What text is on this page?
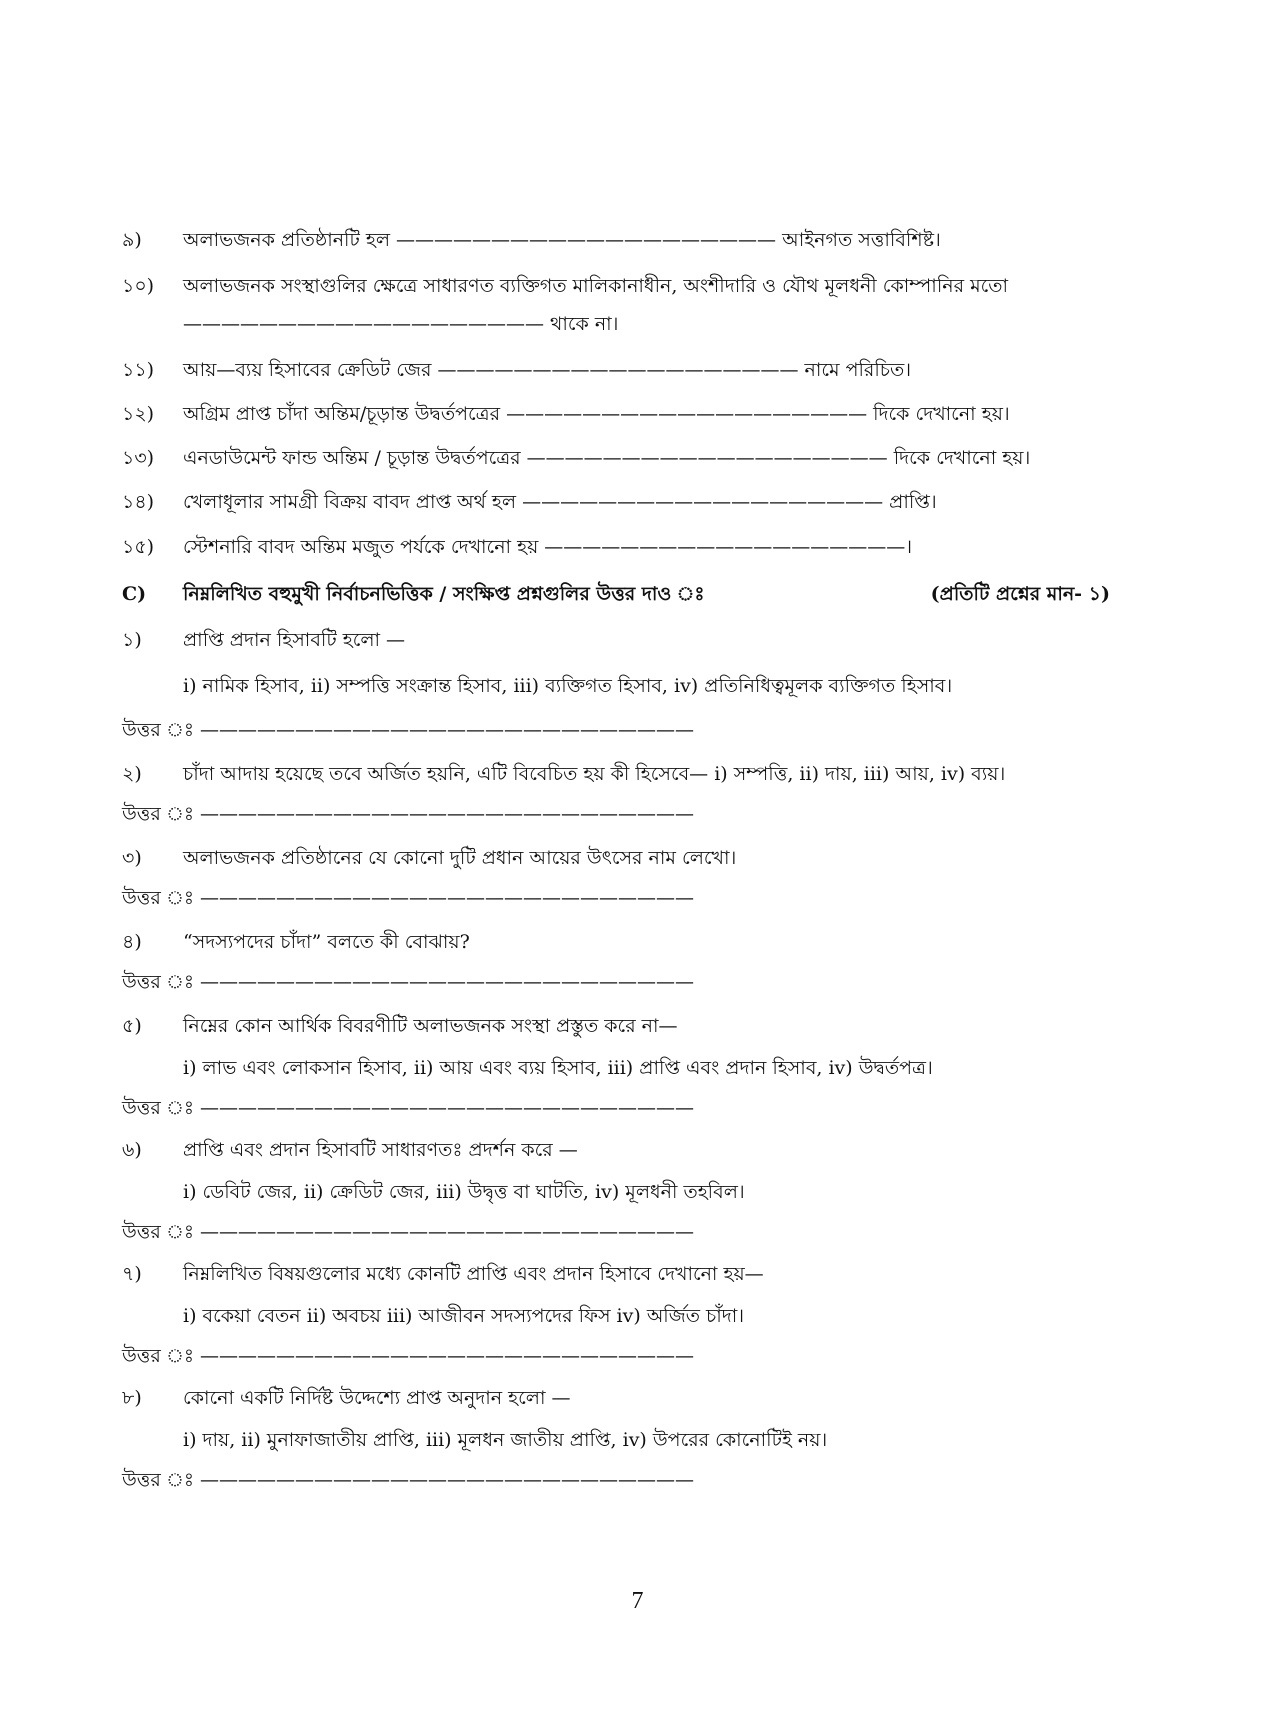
৯) অলাভজনক প্রতিষ্ঠানটি হল ———————————————————— আইনগত সত্তাবিশিষ্ট।
১০) অলাভজনক সংস্থাগুলির ক্ষেত্রে সাধারণত ব্যক্তিগত মালিকানাধীন, অংশীদারি ও যৌথ মূলধনী কোম্পানির মতো
——————————————————— থাকে না।
১১) আয়—ব্যয় হিসাবের ক্রেডিট জের ——————————————————— নামে পরিচিত।
১২) অগ্রিম প্রাপ্ত চাঁদা অন্তিম/চূড়ান্ত উদ্বর্তপত্রের ——————————————————— দিকে দেখানো হয়।
১৩) এনডাউমেন্ট ফান্ড অন্তিম / চূড়ান্ত উদ্বর্তপত্রের ——————————————————— দিকে দেখানো হয়।
১৪) খেলাধূলার সামগ্রী বিক্রয় বাবদ প্রাপ্ত অর্থ হল ——————————————————— প্রাপ্তি।
১৫) স্টেশনারি বাবদ অন্তিম মজুত পর্যকে দেখানো হয় ———————————————————।
C) নিম্নলিখিত বহুমুখী নির্বাচনভিত্তিক / সংক্ষিপ্ত প্রশ্নগুলির উত্তর দাও ঃ	(প্রতিটি প্রশ্নের মান- ১)
১) প্রাপ্তি প্রদান হিসাবটি হলো —
i) নামিক হিসাব, ii) সম্পত্তি সংক্রান্ত হিসাব, iii) ব্যক্তিগত হিসাব, iv) প্রতিনিধিত্বমূলক ব্যক্তিগত হিসাব।
উত্তর ঃ ——————————————————————————
২) চাঁদা আদায় হয়েছে তবে অর্জিত হয়নি, এটি বিবেচিত হয় কী হিসেবে— i) সম্পত্তি, ii) দায়, iii) আয়, iv) ব্যয়।
উত্তর ঃ ——————————————————————————
৩) অলাভজনক প্রতিষ্ঠানের যে কোনো দুটি প্রধান আয়ের উৎসের নাম লেখো।
উত্তর ঃ ——————————————————————————
৪) “সদস্যপদের চাঁদা” বলতে কী বোঝায়?
উত্তর ঃ ——————————————————————————
৫) নিম্নের কোন আর্থিক বিবরণীটি অলাভজনক সংস্থা প্রস্তুত করে না—
i) লাভ এবং লোকসান হিসাব, ii) আয় এবং ব্যয় হিসাব, iii) প্রাপ্তি এবং প্রদান হিসাব, iv) উদ্বর্তপত্র।
উত্তর ঃ ——————————————————————————
৬) প্রাপ্তি এবং প্রদান হিসাবটি সাধারণতঃ প্রদর্শন করে —
i) ডেবিট জের, ii) ক্রেডিট জের, iii) উদ্বৃত্ত বা ঘাটতি, iv) মূলধনী তহবিল।
উত্তর ঃ ——————————————————————————
৭) নিম্নলিখিত বিষয়গুলোর মধ্যে কোনটি প্রাপ্তি এবং প্রদান হিসাবে দেখানো হয়—
i) বকেয়া বেতন ii) অবচয় iii) আজীবন সদস্যপদের ফিস iv) অর্জিত চাঁদা।
উত্তর ঃ ——————————————————————————
৮) কোনো একটি নির্দিষ্ট উদ্দেশ্যে প্রাপ্ত অনুদান হলো —
i) দায়, ii) মুনাফাজাতীয় প্রাপ্তি, iii) মূলধন জাতীয় প্রাপ্তি, iv) উপরের কোনোটিই নয়।
উত্তর ঃ ——————————————————————————
7
